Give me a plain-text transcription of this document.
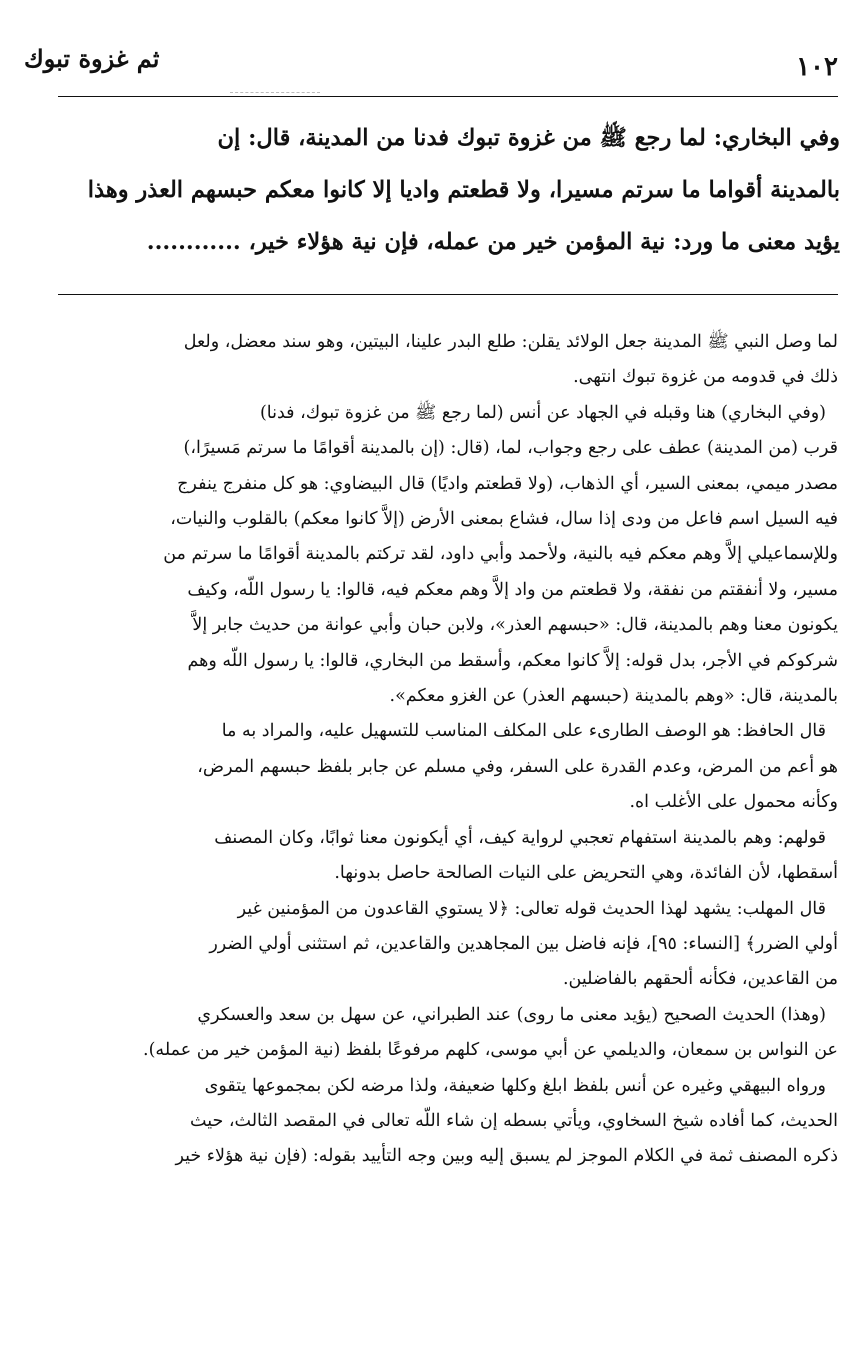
ثم غزوة تبوك	١٠٢

وفي البخاري: لما رجع ﷺ من غزوة تبوك فدنا من المدينة، قال: إن

بالمدينة أقواما ما سرتم مسيرا، ولا قطعتم واديا إلا كانوا معكم حبسهم العذر وهذا

يؤيد معنى ما ورد: نية المؤمن خير من عمله، فإن نية هؤلاء خير، ............

لما وصل النبي ﷺ المدينة جعل الولائد يقلن: طلع البدر علينا، البيتين، وهو سند معضل، ولعل
ذلك في قدومه من غزوة تبوك انتهى.
(وفي البخاري) هنا وقبله في الجهاد عن أنس (لما رجع ﷺ من غزوة تبوك، فدنا)
قرب (من المدينة) عطف على رجع وجواب، لما، (قال: (إن بالمدينة أقوامًا ما سرتم مَسيرًا،)
مصدر ميمي، بمعنى السير، أي الذهاب، (ولا قطعتم واديًا) قال البيضاوي: هو كل منفرج ينفرج
فيه السيل اسم فاعل من ودى إذا سال، فشاع بمعنى الأرض (إلاَّ كانوا معكم) بالقلوب والنيات،
وللإسماعيلي إلاَّ وهم معكم فيه بالنية، ولأحمد وأبي داود، لقد تركتم بالمدينة أقوامًا ما سرتم من
مسير، ولا أنفقتم من نفقة، ولا قطعتم من واد إلاَّ وهم معكم فيه، قالوا: يا رسول اللّه، وكيف
يكونون معنا وهم بالمدينة، قال: «حبسهم العذر»، ولابن حبان وأبي عوانة من حديث جابر إلاَّ
شركوكم في الأجر، بدل قوله: إلاَّ كانوا معكم، وأسقط من البخاري، قالوا: يا رسول اللّه وهم
بالمدينة، قال: «وهم بالمدينة (حبسهم العذر) عن الغزو معكم».
قال الحافظ: هو الوصف الطارىء على المكلف المناسب للتسهيل عليه، والمراد به ما
هو أعم من المرض، وعدم القدرة على السفر، وفي مسلم عن جابر بلفظ حبسهم المرض،
وكأنه محمول على الأغلب اه.
قولهم: وهم بالمدينة استفهام تعجبي لرواية كيف، أي أيكونون معنا ثوابًا، وكان المصنف
أسقطها، لأن الفائدة، وهي التحريض على النيات الصالحة حاصل بدونها.
قال المهلب: يشهد لهذا الحديث قوله تعالى: ﴿لا يستوي القاعدون من المؤمنين غير
أولي الضرر﴾ [النساء: ٩٥]، فإنه فاضل بين المجاهدين والقاعدين، ثم استثنى أولي الضرر
من القاعدين، فكأنه ألحقهم بالفاضلين.
(وهذا) الحديث الصحيح (يؤيد معنى ما روى) عند الطبراني، عن سهل بن سعد والعسكري
عن النواس بن سمعان، والديلمي عن أبي موسى، كلهم مرفوعًا بلفظ (نية المؤمن خير من عمله).
ورواه البيهقي وغيره عن أنس بلفظ ابلغ وكلها ضعيفة، ولذا مرضه لكن بمجموعها يتقوى
الحديث، كما أفاده شيخ السخاوي، ويأتي بسطه إن شاء اللّه تعالى في المقصد الثالث، حيث
ذكره المصنف ثمة في الكلام الموجز لم يسبق إليه وبين وجه التأييد بقوله: (فإن نية هؤلاء خير
